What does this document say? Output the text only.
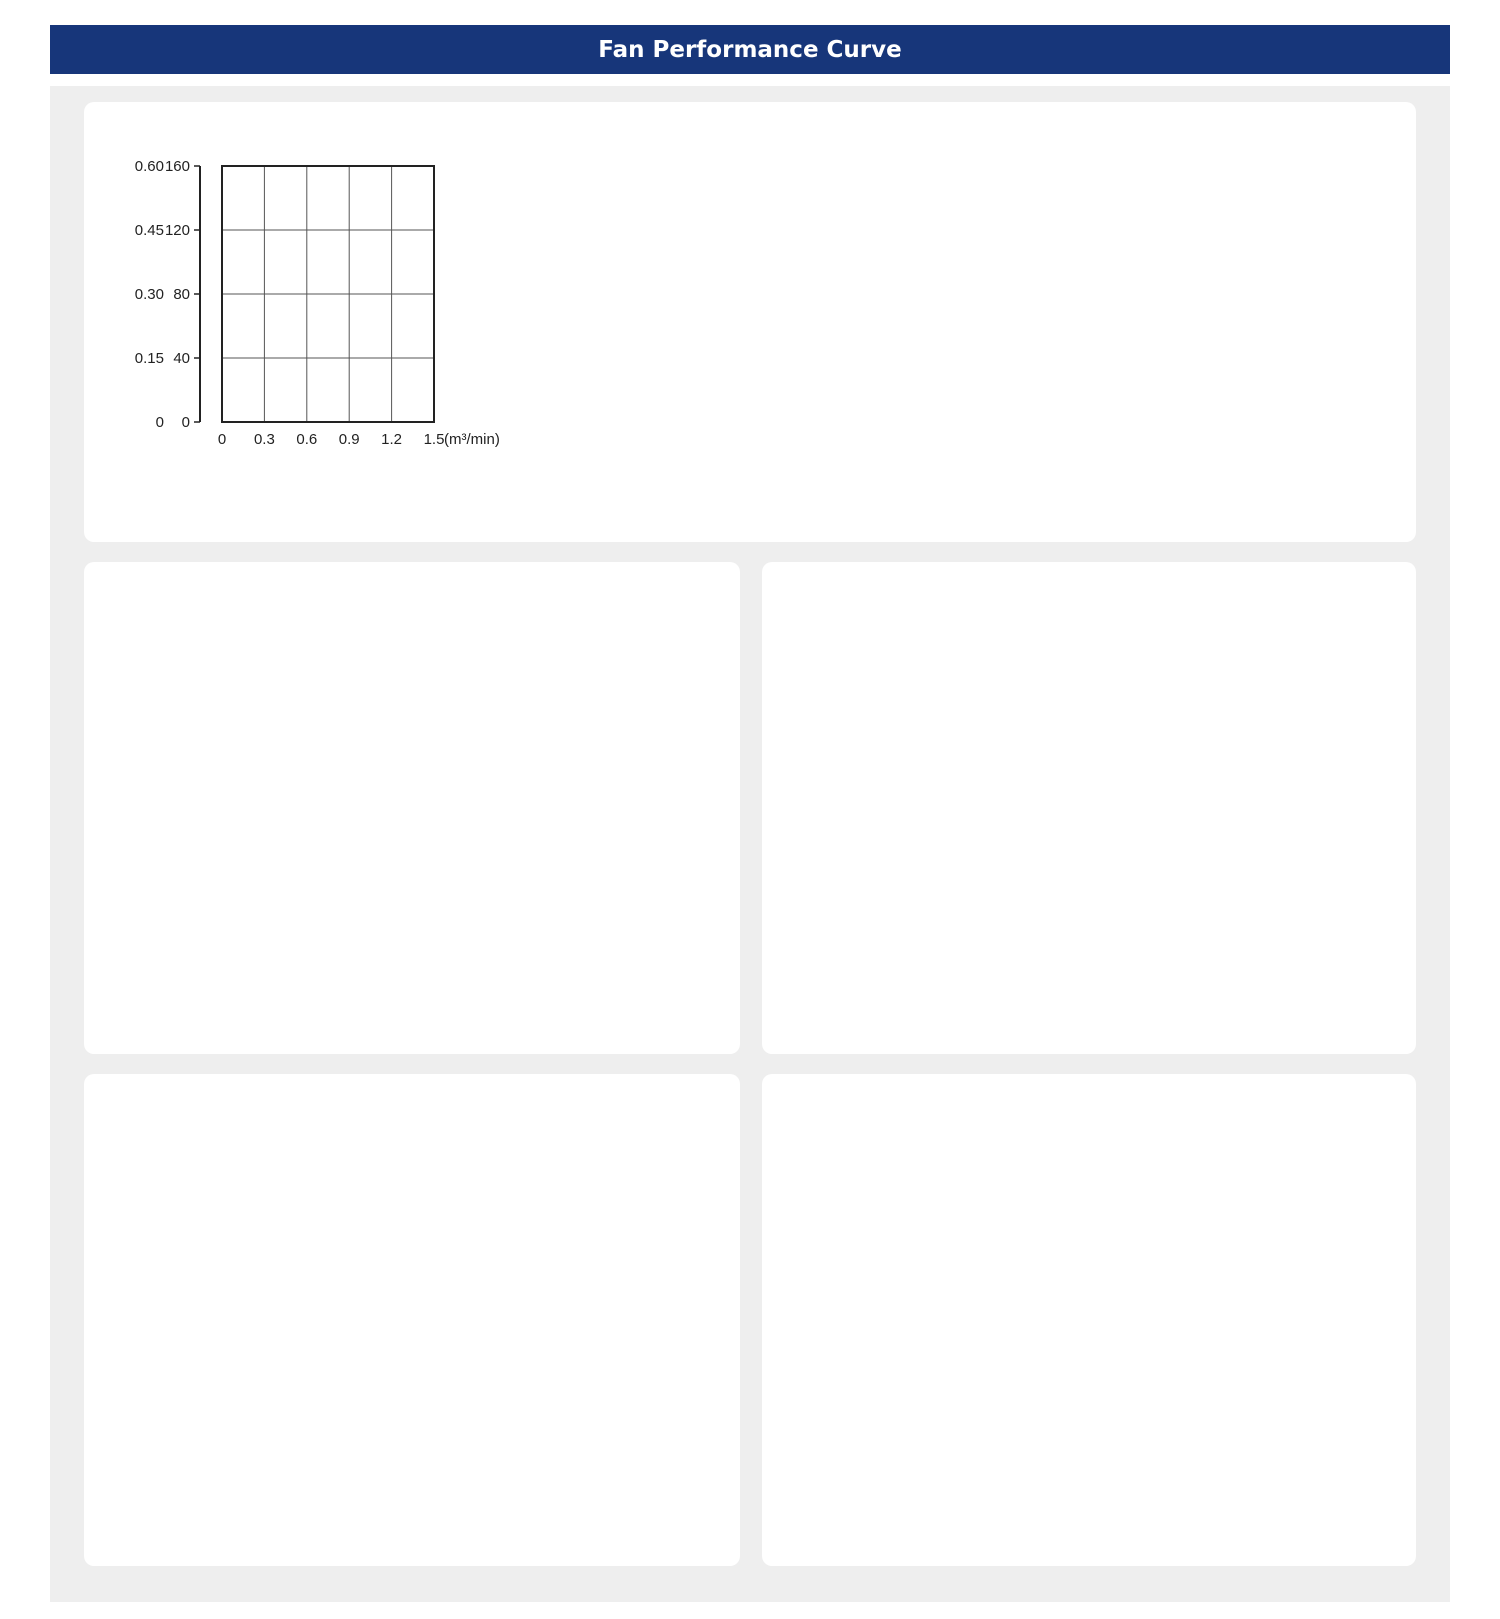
Fan Performance Curve
0
40
80
120
160
0
0.15
0.30
0.45
0.60
0 0.3 0.6 0.9 1.2 1.5 (m³/min)
